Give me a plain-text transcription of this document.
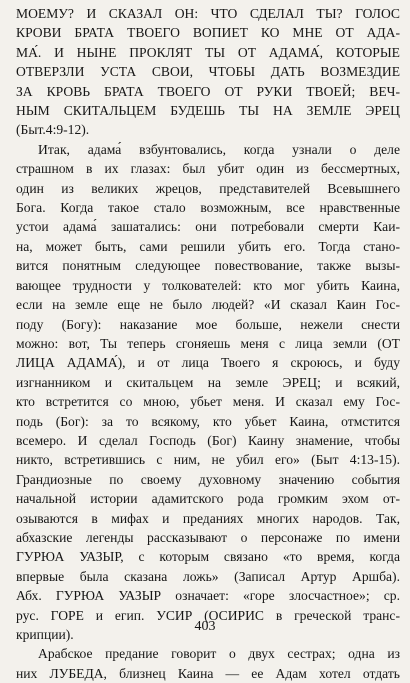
МОЕМУ? И СКАЗАЛ ОН: ЧТО СДЕЛАЛ ТЫ? ГОЛОС
КРОВИ БРАТА ТВОЕГО ВОПИЕТ КО МНЕ ОТ АДА-
МА́. И НЫНЕ ПРОКЛЯТ ТЫ ОТ АДАМА́, КОТОРЫЕ
ОТВЕРЗЛИ УСТА СВОИ, ЧТОБЫ ДАТЬ ВОЗМЕЗДИЕ
ЗА КРОВЬ БРАТА ТВОЕГО ОТ РУКИ ТВОЕЙ; ВЕЧ-
НЫМ СКИТАЛЬЦЕМ БУДЕШЬ ТЫ НА ЗЕМЛЕ ЭРЕЦ
(Быт.4:9-12).
Итак, адама́ взбунтовались, когда узнали о деле
страшном в их глазах: был убит один из бессмертных,
один из великих жрецов, представителей Всевышнего
Бога. Когда такое стало возможным, все нравственные
устои адама́ зашатались: они потребовали смерти Каи-
на, может быть, сами решили убить его. Тогда стано-
вится понятным следующее повествование, также вызы-
вающее трудности у толкователей: кто мог убить Каина,
если на земле еще не было людей? «И сказал Каин Гос-
поду (Богу): наказание мое больше, нежели снести
можно: вот, Ты теперь сгоняешь меня с лица земли (ОТ
ЛИЦА АДАМА́), и от лица Твоего я скроюсь, и буду
изгнанником и скитальцем на земле ЭРЕЦ; и всякий,
кто встретится со мною, убьет меня. И сказал ему Гос-
подь (Бог): за то всякому, кто убьет Каина, отмстится
всемеро. И сделал Господь (Бог) Каину знамение, чтобы
никто, встретившись с ним, не убил его» (Быт 4:13-15).
Грандиозные по своему духовному значению события
начальной истории адамитского рода громким эхом от-
озываются в мифах и преданиях многих народов. Так,
абхазские легенды рассказывают о персонаже по имени
ГУРЮА УАЗЫР, с которым связано «то время, когда
впервые была сказана ложь» (Записал Артур Аршба).
Абх. ГУРЮА УАЗЫР означает: «горе злосчастное»; ср.
рус. ГОРЕ и егип. УСИР (ОСИРИС в греческой транс-
крипции).
Арабское предание говорит о двух сестрах; одна из
них ЛУБЕДА, близнец Каина — ее Адам хотел отдать
403
